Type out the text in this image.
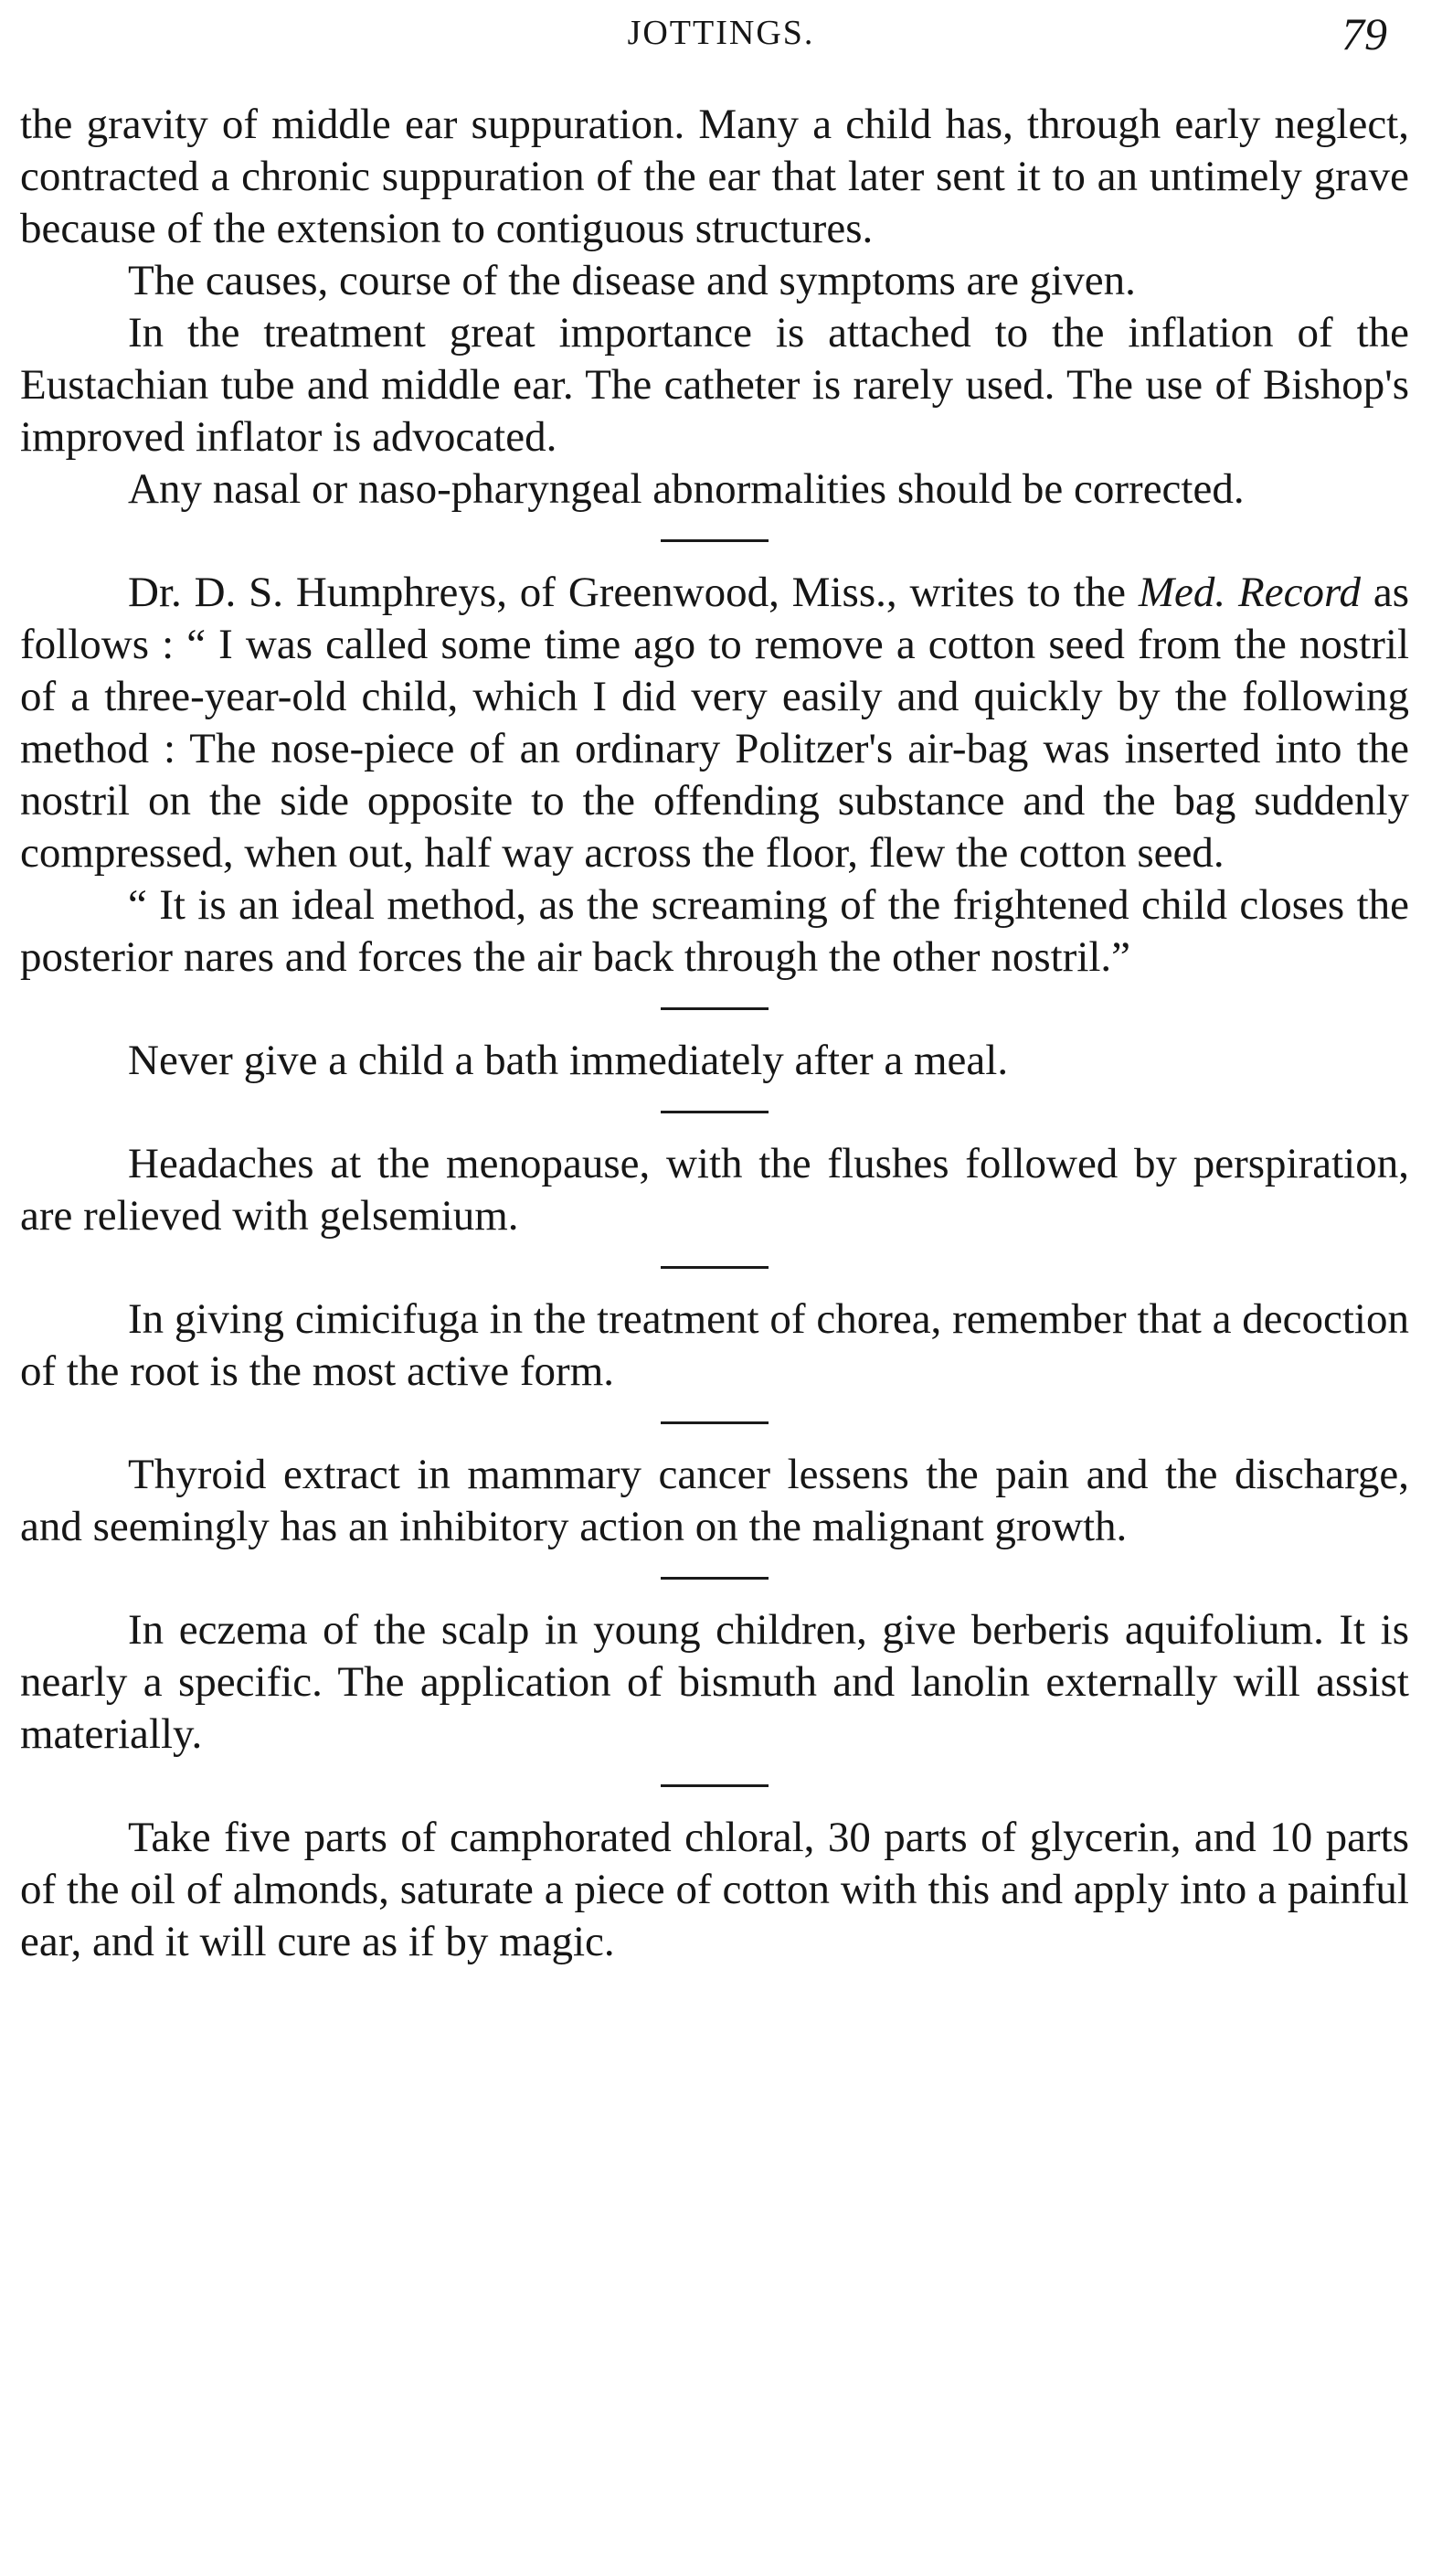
JOTTINGS.	79

the gravity of middle ear suppuration. Many a child has, through early neglect, contracted a chronic suppuration of the ear that later sent it to an untimely grave because of the extension to contiguous structures.

The causes, course of the disease and symptoms are given.

In the treatment great importance is attached to the inflation of the Eustachian tube and middle ear. The catheter is rarely used. The use of Bishop's improved inflator is advocated.

Any nasal or naso-pharyngeal abnormalities should be corrected.

Dr. D. S. Humphreys, of Greenwood, Miss., writes to the Med. Record as follows : “ I was called some time ago to remove a cotton seed from the nostril of a three-year-old child, which I did very easily and quickly by the following method : The nose-piece of an ordinary Politzer's air-bag was inserted into the nostril on the side opposite to the offending substance and the bag suddenly compressed, when out, half way across the floor, flew the cotton seed.

“ It is an ideal method, as the screaming of the frightened child closes the posterior nares and forces the air back through the other nostril.”

Never give a child a bath immediately after a meal.

Headaches at the menopause, with the flushes followed by perspiration, are relieved with gelsemium.

In giving cimicifuga in the treatment of chorea, remember that a decoction of the root is the most active form.

Thyroid extract in mammary cancer lessens the pain and the discharge, and seemingly has an inhibitory action on the malignant growth.

In eczema of the scalp in young children, give berberis aquifolium. It is nearly a specific. The application of bismuth and lanolin externally will assist materially.

Take five parts of camphorated chloral, 30 parts of glycerin, and 10 parts of the oil of almonds, saturate a piece of cotton with this and apply into a painful ear, and it will cure as if by magic.
